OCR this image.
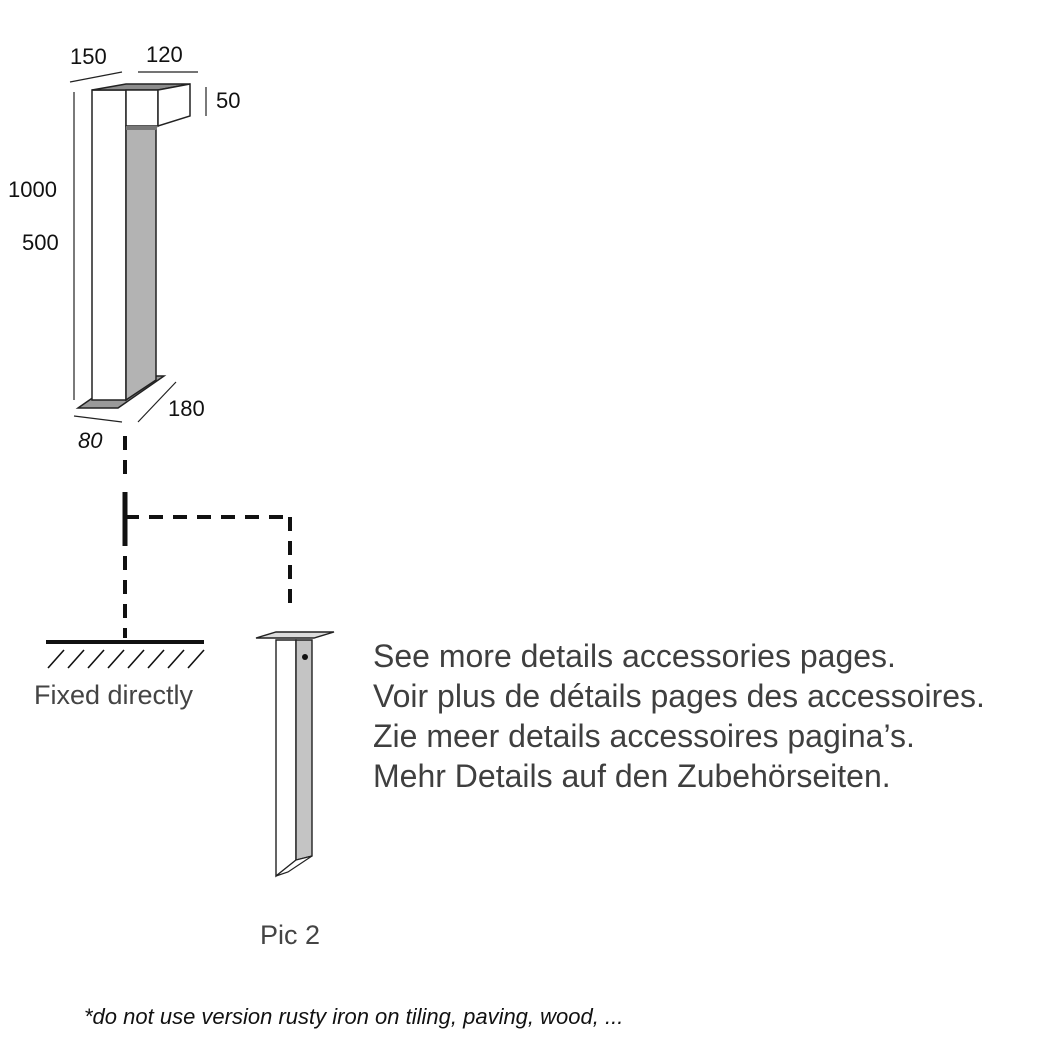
150 120
50
1000
500
180
80
Fixed directly
Pic 2
See more details accessories pages.
Voir plus de détails pages des accessoires.
Zie meer details accessoires pagina’s.
Mehr Details auf den Zubehörseiten.
*do not use version rusty iron on tiling, paving, wood, ...
